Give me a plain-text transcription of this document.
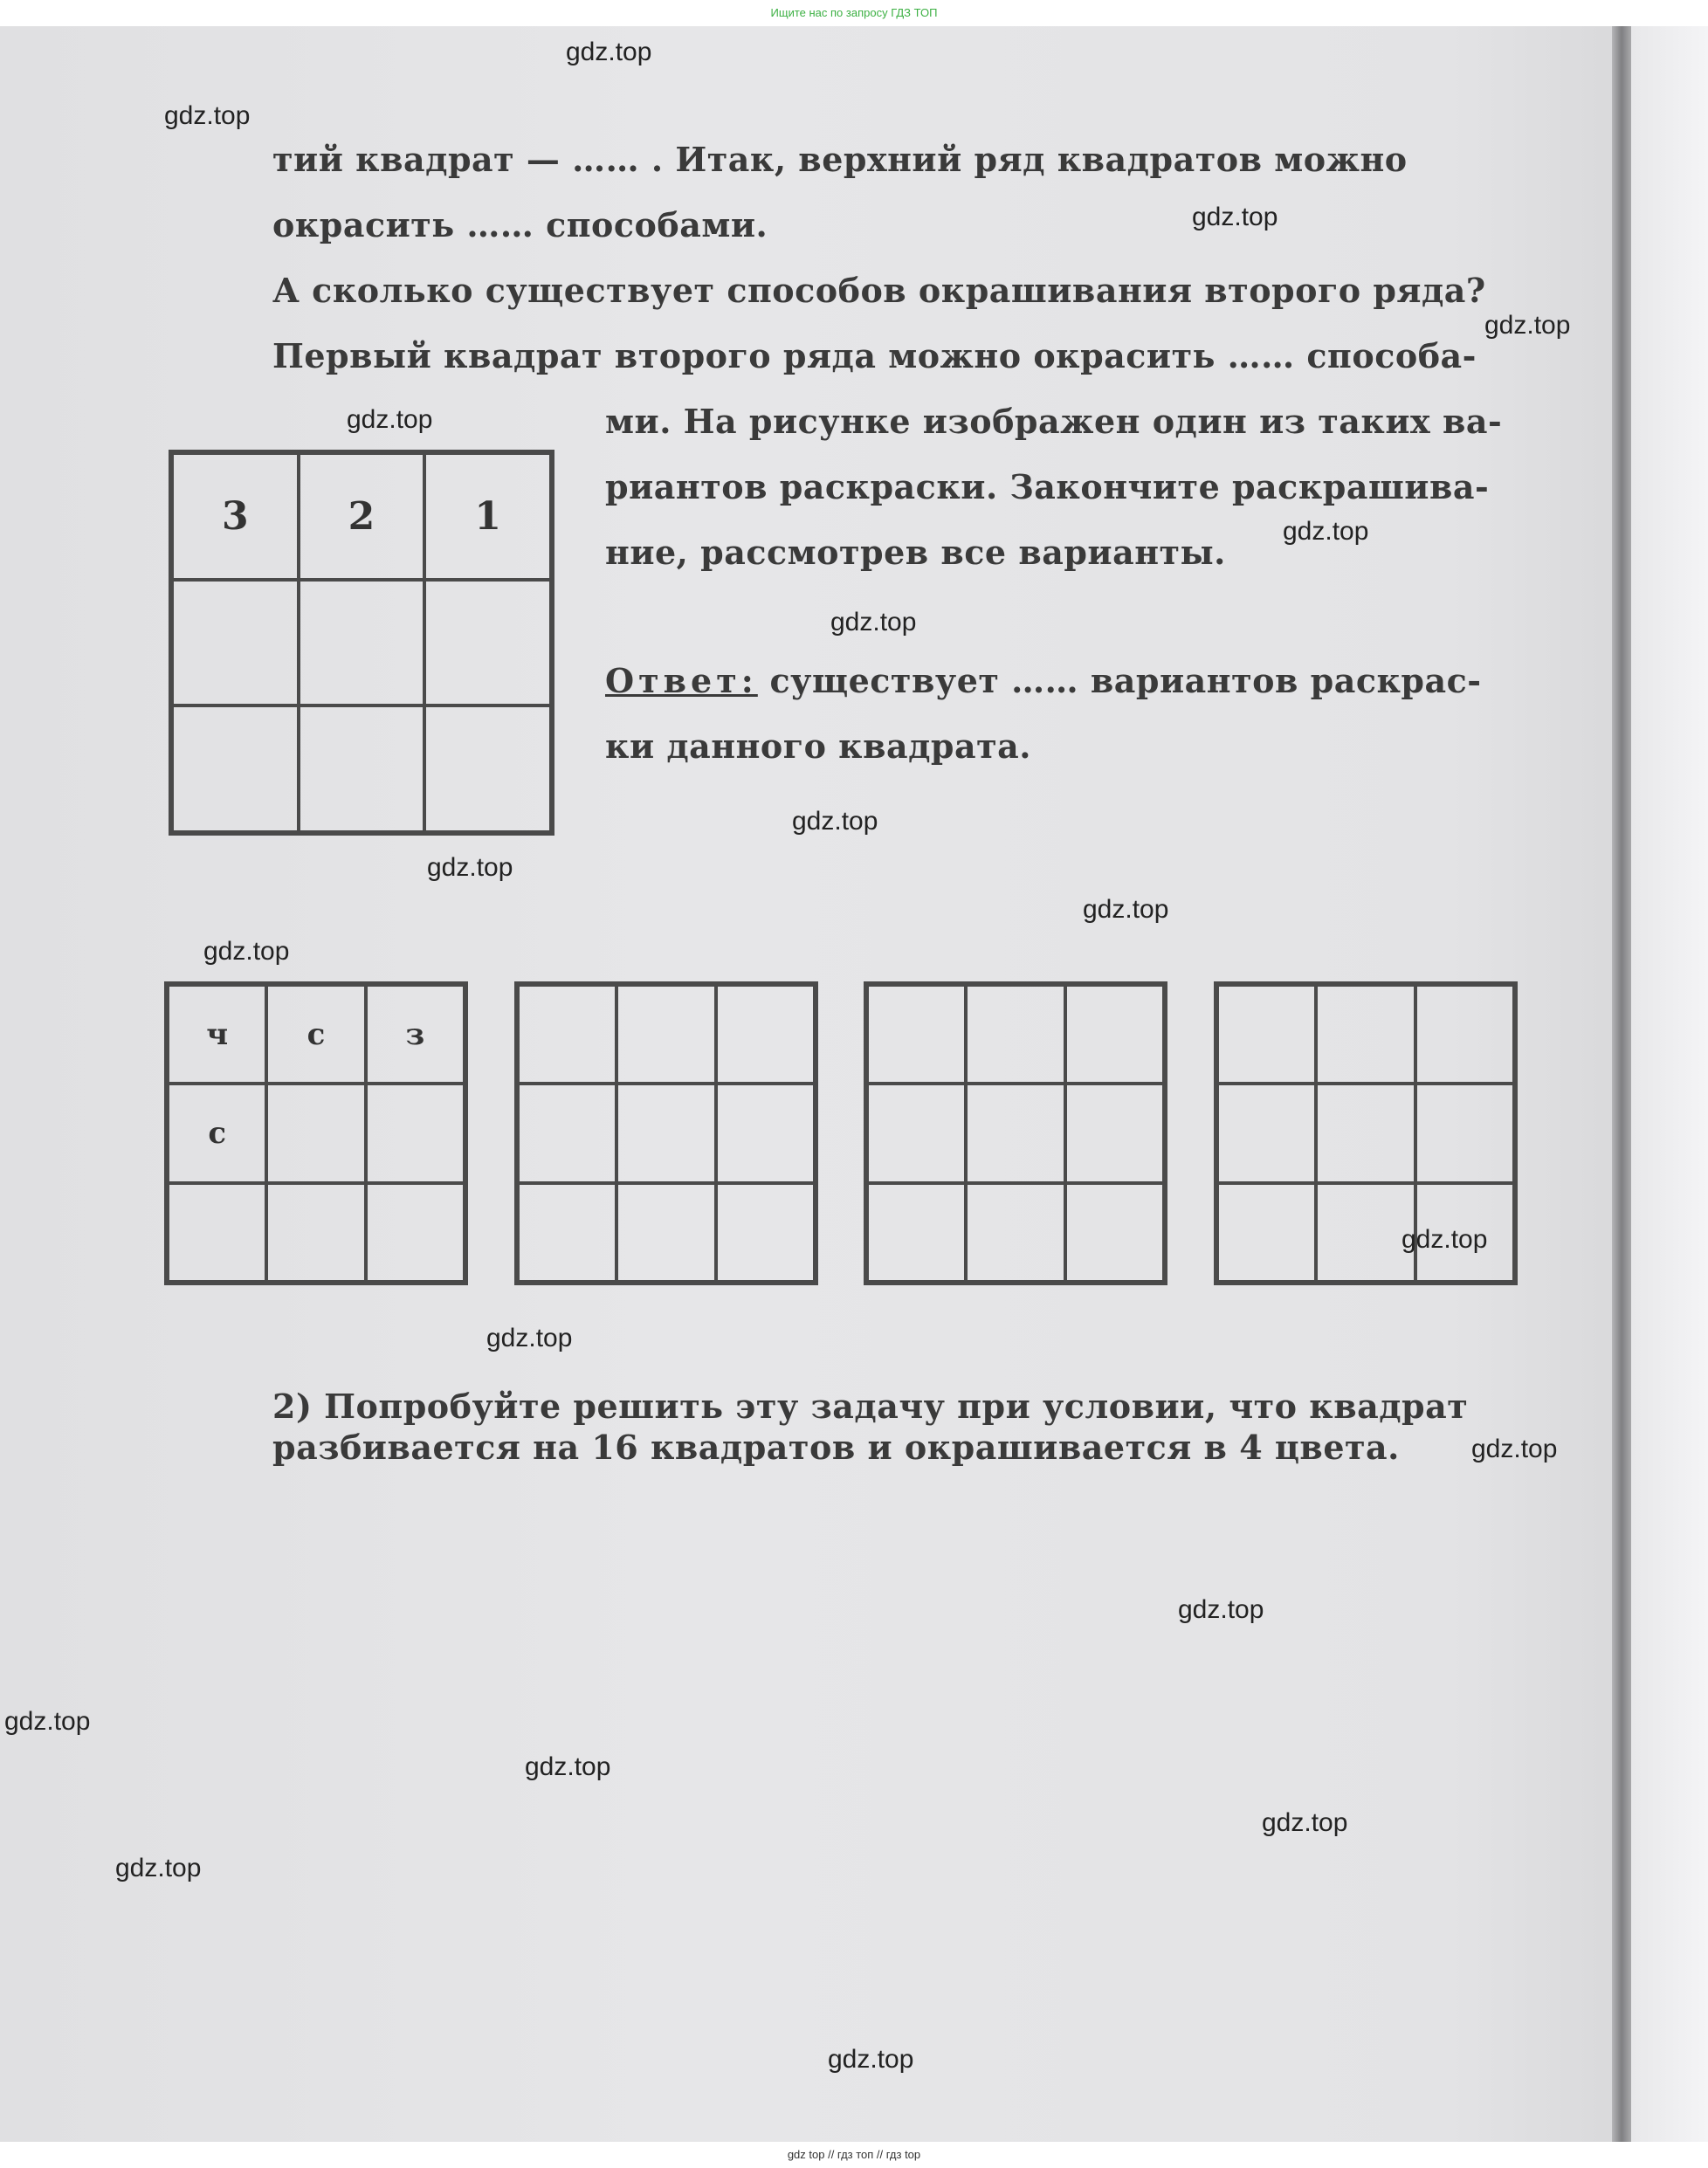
Ищите нас по запросу ГДЗ ТОП
тий квадрат — …… . Итак, верхний ряд квадратов можно
окрасить …… способами.
А сколько существует способов окрашивания второго ряда?
Первый квадрат второго ряда можно окрасить …… способа-
ми. На рисунке изображен один из таких ва-
риантов раскраски. Закончите раскрашива-
ние, рассмотрев все варианты.
Ответ: существует …… вариантов раскрас-
ки данного квадрата.
2) Попробуйте решить эту задачу при условии, что квадрат
разбивается на 16 квадратов и окрашивается в 4 цвета.
3	2	1
ч	с	з
с
gdz.top
gdz.top
gdz.top
gdz.top
gdz.top
gdz.top
gdz.top
gdz.top
gdz.top
gdz.top
gdz.top
gdz.top
gdz.top
gdz.top
gdz.top
gdz.top
gdz.top
gdz.top
gdz.top
gdz.top
gdz top // гдз топ // гдз top
